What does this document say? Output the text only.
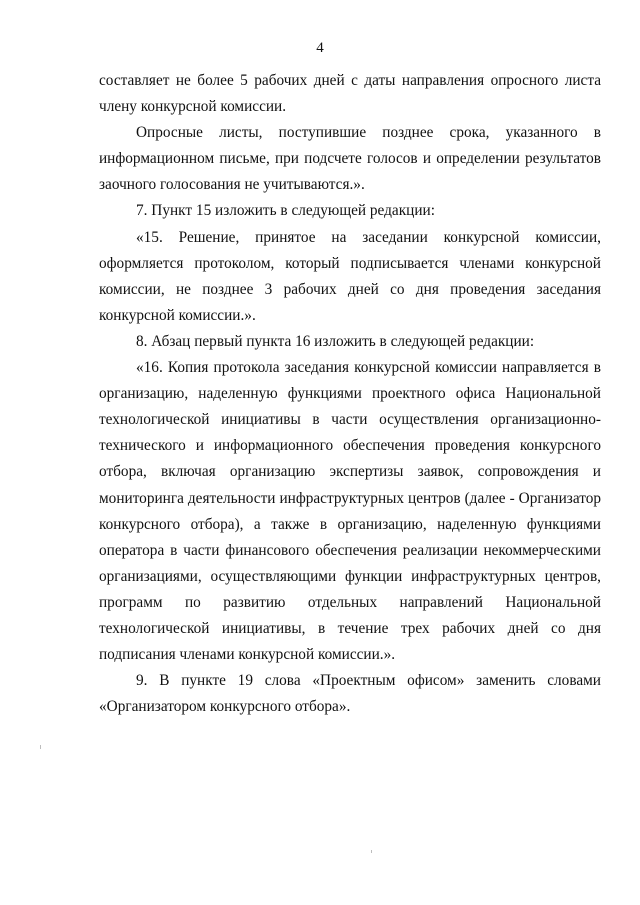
4

составляет не более 5 рабочих дней с даты направления опросного листа члену конкурсной комиссии.

Опросные листы, поступившие позднее срока, указанного в информационном письме, при подсчете голосов и определении результатов заочного голосования не учитываются.».

7. Пункт 15 изложить в следующей редакции:

«15. Решение, принятое на заседании конкурсной комиссии, оформляется протоколом, который подписывается членами конкурсной комиссии, не позднее 3 рабочих дней со дня проведения заседания конкурсной комиссии.».

8. Абзац первый пункта 16 изложить в следующей редакции:

«16. Копия протокола заседания конкурсной комиссии направляется в организацию, наделенную функциями проектного офиса Национальной технологической инициативы в части осуществления организационно-технического и информационного обеспечения проведения конкурсного отбора, включая организацию экспертизы заявок, сопровождения и мониторинга деятельности инфраструктурных центров (далее - Организатор конкурсного отбора), а также в организацию, наделенную функциями оператора в части финансового обеспечения реализации некоммерческими организациями, осуществляющими функции инфраструктурных центров, программ по развитию отдельных направлений Национальной технологической инициативы, в течение трех рабочих дней со дня подписания членами конкурсной комиссии.».

9. В пункте 19 слова «Проектным офисом» заменить словами «Организатором конкурсного отбора».
